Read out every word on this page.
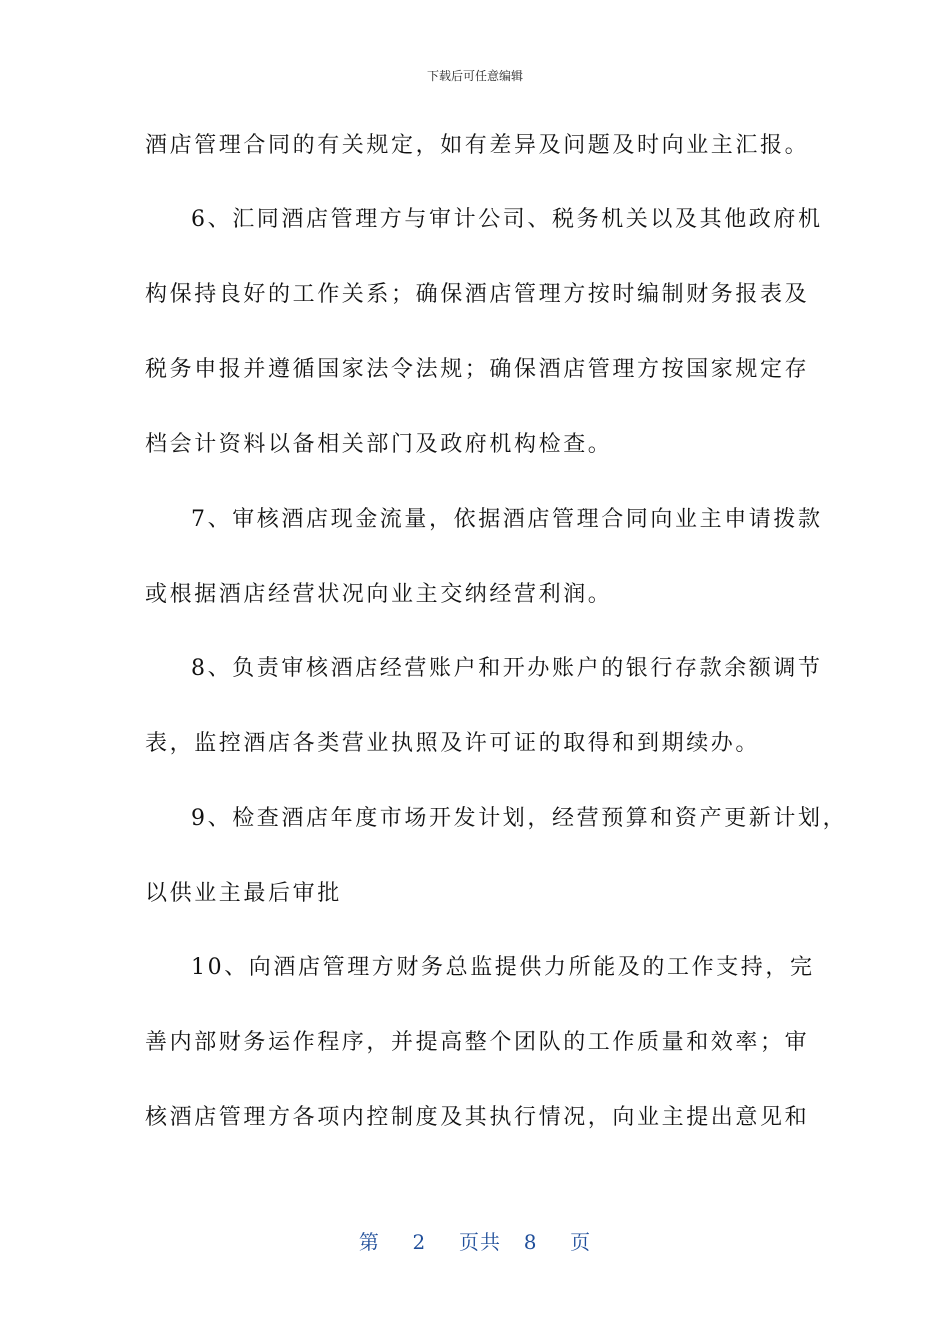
下载后可任意编辑
酒店管理合同的有关规定，如有差异及问题及时向业主汇报。
6、汇同酒店管理方与审计公司、税务机关以及其他政府机
构保持良好的工作关系；确保酒店管理方按时编制财务报表及
税务申报并遵循国家法令法规；确保酒店管理方按国家规定存
档会计资料以备相关部门及政府机构检查。
7、审核酒店现金流量，依据酒店管理合同向业主申请拨款
或根据酒店经营状况向业主交纳经营利润。
8、负责审核酒店经营账户和开办账户的银行存款余额调节
表，监控酒店各类营业执照及许可证的取得和到期续办。
9、检查酒店年度市场开发计划，经营预算和资产更新计划，
以供业主最后审批
10、向酒店管理方财务总监提供力所能及的工作支持，完
善内部财务运作程序，并提高整个团队的工作质量和效率；审
核酒店管理方各项内控制度及其执行情况，向业主提出意见和
第 2 页共 8 页
